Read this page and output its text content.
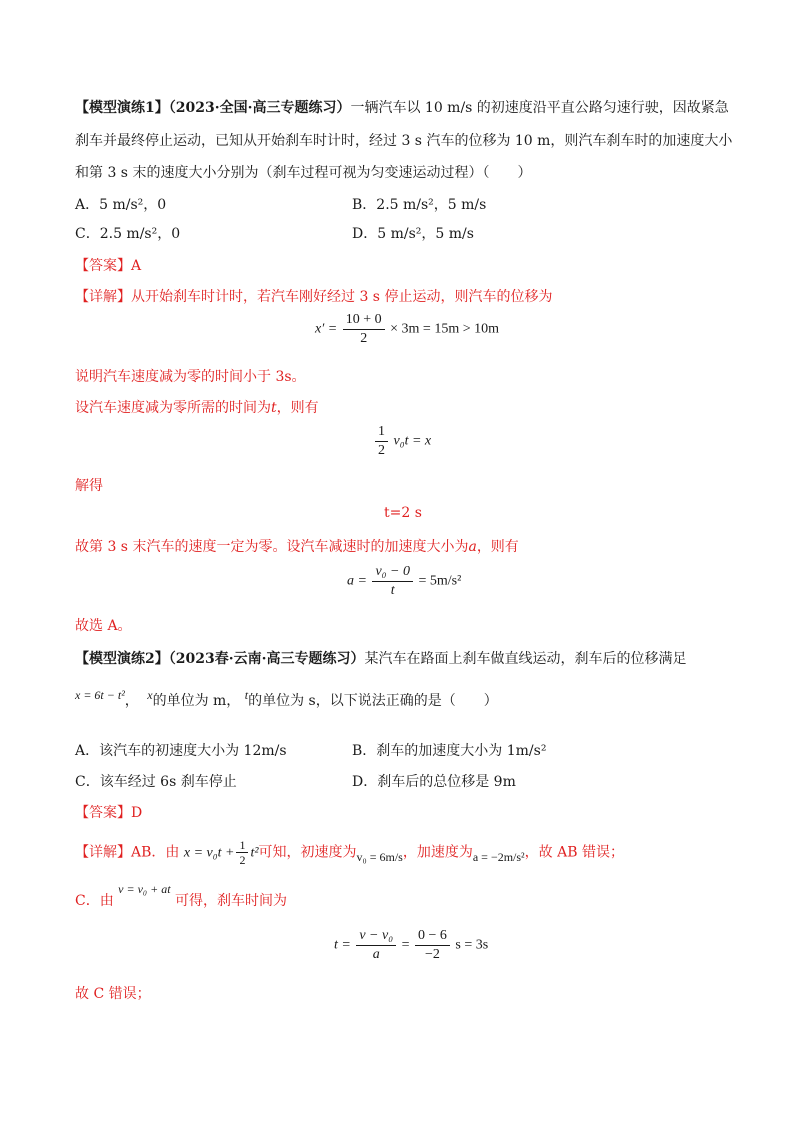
【模型演练1】（2023·全国·高三专题练习）一辆汽车以 10 m/s 的初速度沿平直公路匀速行驶，因故紧急
刹车并最终停止运动，已知从开始刹车时计时，经过 3 s 汽车的位移为 10 m，则汽车刹车时的加速度大小
和第 3 s 末的速度大小分别为（刹车过程可视为匀变速运动过程）（　　）
A．5 m/s²，0	B．2.5 m/s²，5 m/s
C．2.5 m/s²，0	D．5 m/s²，5 m/s
【答案】A
【详解】从开始刹车时计时，若汽车刚好经过 3 s 停止运动，则汽车的位移为
$x' = \frac{10 + 0}{2} \times 3m = 15m > 10m$
说明汽车速度减为零的时间小于 3s。
设汽车速度减为零所需的时间为t，则有
$\frac{1}{2} v_0t = x$
解得
t=2 s
故第 3 s 末汽车的速度一定为零。设汽车减速时的加速度大小为a，则有
$a = \frac{\text{v₀ − 0}}{t} = 5m/s^2$
故选 A。
【模型演练2】（2023春·云南·高三专题练习）某汽车在路面上刹车做直线运动，刹车后的位移满足
x = 6t − t²， x的单位为 m， t的单位为 s，以下说法正确的是（　　）
A．该汽车的初速度大小为 12m/s	B．刹车的加速度大小为 1m/s²
C．该车经过 6s 刹车停止	D．刹车后的总位移是 9m
【答案】D
【详解】AB．由 $x = v_0t + \frac{1}{2} t^2$可知，初速度为v₀ = 6m/s，加速度为a = −2m/s²，故 AB 错误；
C．由 v = v₀ + at 可得，刹车时间为
$t = \frac{\text{v − v₀}}{a} = \frac{0 - 6}{-2}$ s = 3s
故 C 错误；
